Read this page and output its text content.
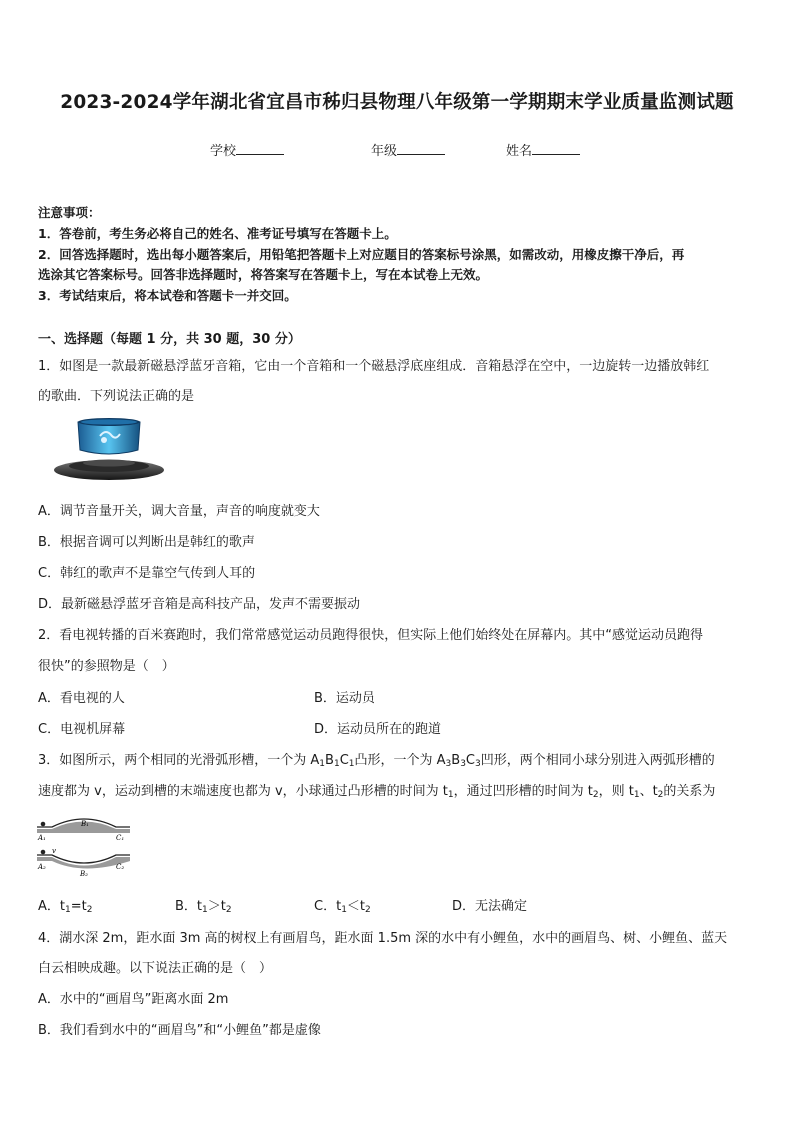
2023-2024学年湖北省宜昌市秭归县物理八年级第一学期期末学业质量监测试题
学校	年级	姓名
注意事项：
1．答卷前，考生务必将自己的姓名、准考证号填写在答题卡上。
2．回答选择题时，选出每小题答案后，用铅笔把答题卡上对应题目的答案标号涂黑，如需改动，用橡皮擦干净后，再
选涂其它答案标号。回答非选择题时，将答案写在答题卡上，写在本试卷上无效。
3．考试结束后，将本试卷和答题卡一并交回。
一、选择题（每题 1 分，共 30 题，30 分）
1．如图是一款最新磁悬浮蓝牙音箱，它由一个音箱和一个磁悬浮底座组成．音箱悬浮在空中，一边旋转一边播放韩红
的歌曲．下列说法正确的是
A．调节音量开关，调大音量，声音的响度就变大
B．根据音调可以判断出是韩红的歌声
C．韩红的歌声不是靠空气传到人耳的
D．最新磁悬浮蓝牙音箱是高科技产品，发声不需要振动
2．看电视转播的百米赛跑时，我们常常感觉运动员跑得很快，但实际上他们始终处在屏幕内。其中“感觉运动员跑得
很快”的参照物是（　）
A．看电视的人	B．运动员
C．电视机屏幕	D．运动员所在的跑道
3．如图所示，两个相同的光滑弧形槽，一个为 $A_1B_1C_1$凸形，一个为 $A_3B_3C_3$凹形，两个相同小球分别进入两弧形槽的
速度都为 v，运动到槽的末端速度也都为 v，小球通过凸形槽的时间为 $t_1$，通过凹形槽的时间为 $t_2$，则 $t_1$、$t_2$的关系为
A₁
B₁
C₁
v
A₂
B₂
C₂
A．$t_1=t_2$	B．$t_1>t_2$	C．$t_1<t_2$	D．无法确定
4．湖水深 2m，距水面 3m 高的树杈上有画眉鸟，距水面 1.5m 深的水中有小鲤鱼，水中的画眉鸟、树、小鲤鱼、蓝天
白云相映成趣。以下说法正确的是（　）
A．水中的“画眉鸟”距离水面 2m
B．我们看到水中的“画眉鸟”和“小鲤鱼”都是虚像
